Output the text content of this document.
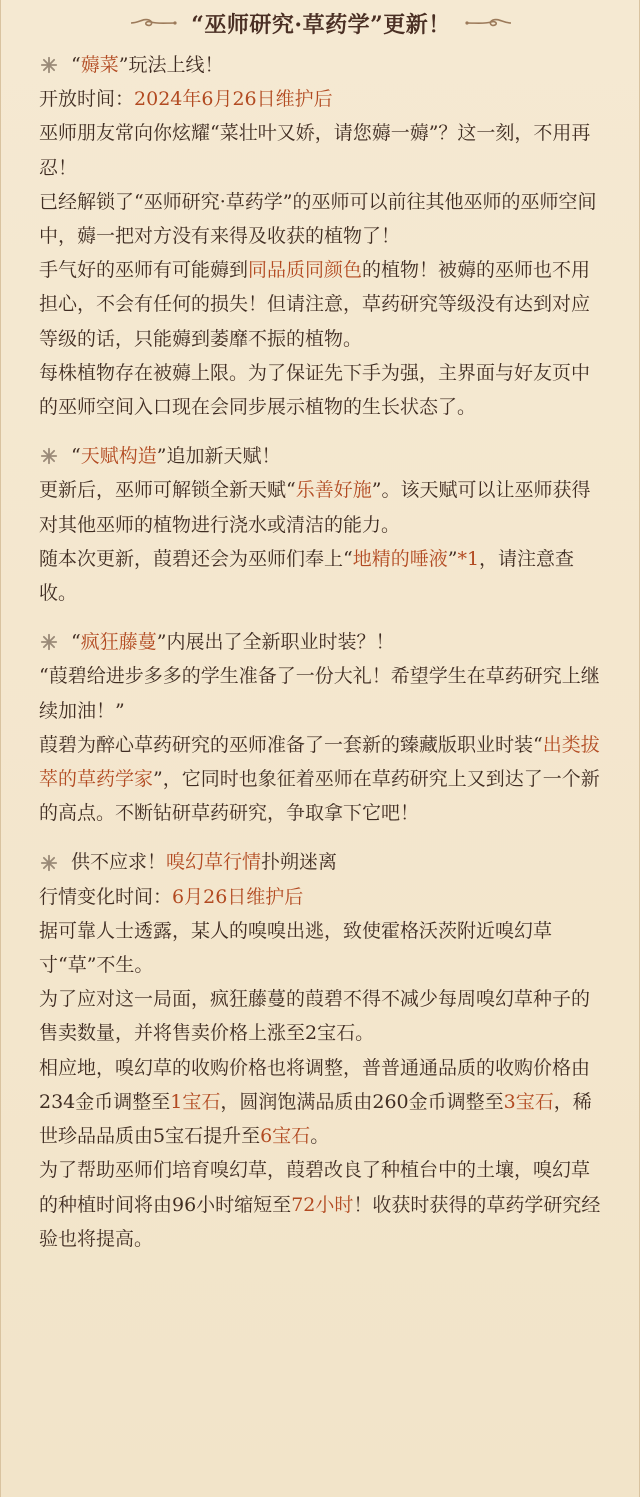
“巫师研究·草药学”更新！
“薅菜”玩法上线！

开放时间：2024年6月26日维护后

巫师朋友常向你炫耀“菜壮叶又娇，请您薅一薅”？这一刻，不用再忍！

已经解锁了“巫师研究·草药学”的巫师可以前往其他巫师的巫师空间中，薅一把对方没有来得及收获的植物了！

手气好的巫师有可能薅到同品质同颜色的植物！被薅的巫师也不用担心，不会有任何的损失！但请注意，草药研究等级没有达到对应等级的话，只能薅到萎靡不振的植物。

每株植物存在被薅上限。为了保证先下手为强，主界面与好友页中的巫师空间入口现在会同步展示植物的生长状态了。

“天赋构造”追加新天赋！

更新后，巫师可解锁全新天赋“乐善好施”。该天赋可以让巫师获得对其他巫师的植物进行浇水或清洁的能力。

随本次更新，葭碧还会为巫师们奉上“地精的唾液”*1，请注意查收。

“疯狂藤蔓”内展出了全新职业时装？！

“葭碧给进步多多的学生准备了一份大礼！希望学生在草药研究上继续加油！”

葭碧为醉心草药研究的巫师准备了一套新的臻藏版职业时装“出类拔萃的草药学家”，它同时也象征着巫师在草药研究上又到达了一个新的高点。不断钻研草药研究，争取拿下它吧！

供不应求！嗅幻草行情扑朔迷离

行情变化时间：6月26日维护后

据可靠人士透露，某人的嗅嗅出逃，致使霍格沃茨附近嗅幻草寸“草”不生。

为了应对这一局面，疯狂藤蔓的葭碧不得不减少每周嗅幻草种子的售卖数量，并将售卖价格上涨至2宝石。

相应地，嗅幻草的收购价格也将调整，普普通通品质的收购价格由234金币调整至1宝石，圆润饱满品质由260金币调整至3宝石，稀世珍品品质由5宝石提升至6宝石。

为了帮助巫师们培育嗅幻草，葭碧改良了种植台中的土壤，嗅幻草的种植时间将由96小时缩短至72小时！收获时获得的草药学研究经验也将提高。
